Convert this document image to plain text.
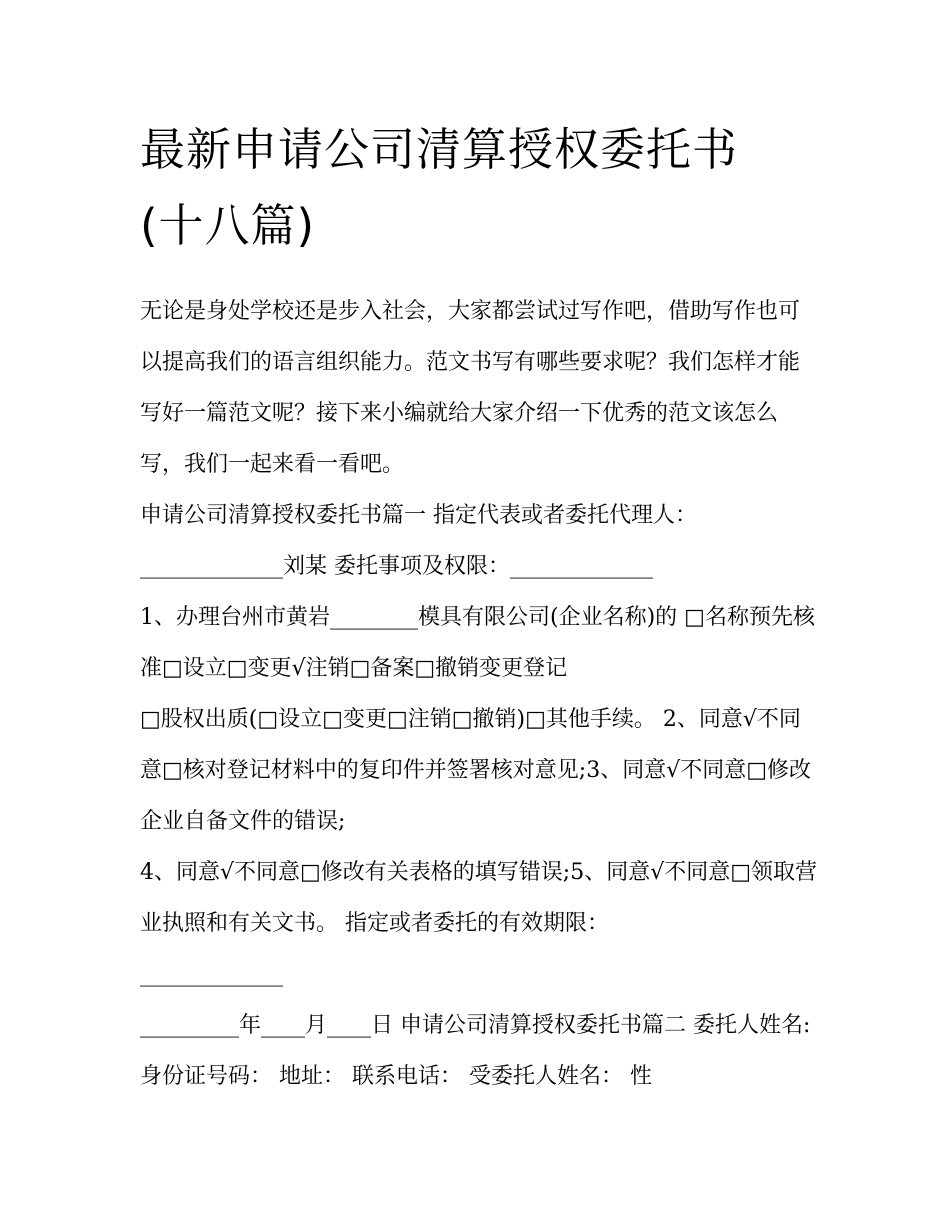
最新申请公司清算授权委托书
(十八篇)

无论是身处学校还是步入社会，大家都尝试过写作吧，借助写作也可以提高我们的语言组织能力。范文书写有哪些要求呢？我们怎样才能写好一篇范文呢？接下来小编就给大家介绍一下优秀的范文该怎么写，我们一起来看一看吧。

申请公司清算授权委托书篇一 指定代表或者委托代理人：

_____________刘某 委托事项及权限：_____________

1、办理台州市黄岩________模具有限公司(企业名称)的 □名称预先核准□设立□变更√注销□备案□撤销变更登记

□股权出质(□设立□变更□注销□撤销)□其他手续。 2、同意√不同意□核对登记材料中的复印件并签署核对意见;3、同意√不同意□修改企业自备文件的错误;

4、同意√不同意□修改有关表格的填写错误;5、同意√不同意□领取营业执照和有关文书。 指定或者委托的有效期限：

_____________

_________年____月____日 申请公司清算授权委托书篇二 委托人姓名: 身份证号码： 地址： 联系电话： 受委托人姓名： 性
